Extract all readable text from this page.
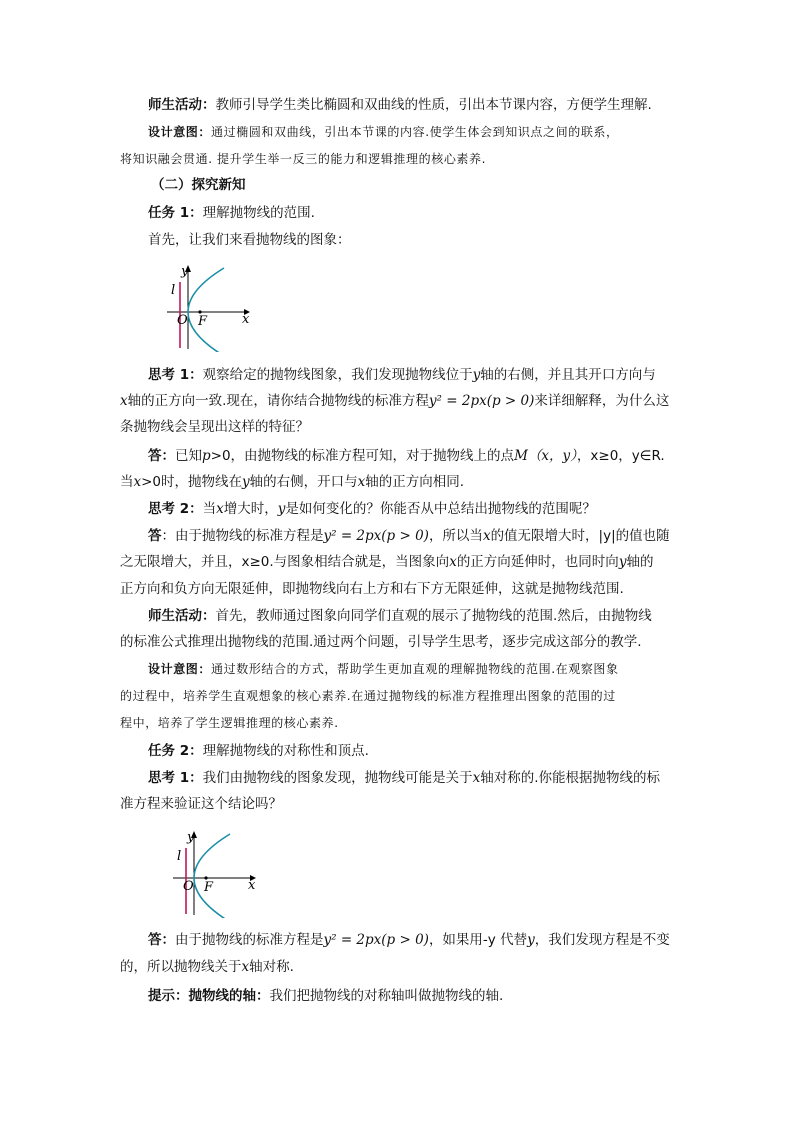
师生活动：教师引导学生类比椭圆和双曲线的性质，引出本节课内容，方便学生理解.
设计意图：通过椭圆和双曲线，引出本节课的内容.使学生体会到知识点之间的联系，
将知识融会贯通. 提升学生举一反三的能力和逻辑推理的核心素养.
（二）探究新知
任务 1：理解抛物线的范围.
首先，让我们来看抛物线的图象：
y
x
l
O F
思考 1：观察给定的抛物线图象，我们发现抛物线位于y轴的右侧，并且其开口方向与
x轴的正方向一致.现在，请你结合抛物线的标准方程y² = 2px(p > 0)来详细解释，为什么这
条抛物线会呈现出这样的特征？
答：已知p>0，由抛物线的标准方程可知，对于抛物线上的点M（x，y），x≥0，y∈R.
当x>0时，抛物线在y轴的右侧，开口与x轴的正方向相同.
思考 2：当x增大时，y是如何变化的？你能否从中总结出抛物线的范围呢？
答：由于抛物线的标准方程是y² = 2px(p > 0)，所以当x的值无限增大时，|y|的值也随
之无限增大，并且，x≥0.与图象相结合就是，当图象向x的正方向延伸时，也同时向y轴的
正方向和负方向无限延伸，即抛物线向右上方和右下方无限延伸，这就是抛物线范围.
师生活动：首先，教师通过图象向同学们直观的展示了抛物线的范围.然后，由抛物线
的标准公式推理出抛物线的范围.通过两个问题，引导学生思考，逐步完成这部分的教学.
设计意图：通过数形结合的方式，帮助学生更加直观的理解抛物线的范围.在观察图象
的过程中，培养学生直观想象的核心素养.在通过抛物线的标准方程推理出图象的范围的过
程中，培养了学生逻辑推理的核心素养.
任务 2：理解抛物线的对称性和顶点.
思考 1：我们由抛物线的图象发现，抛物线可能是关于x轴对称的.你能根据抛物线的标
准方程来验证这个结论吗？
y
x
l
O F
答：由于抛物线的标准方程是y² = 2px(p > 0)，如果用-y 代替y，我们发现方程是不变
的，所以抛物线关于x轴对称.
提示：抛物线的轴：我们把抛物线的对称轴叫做抛物线的轴.
